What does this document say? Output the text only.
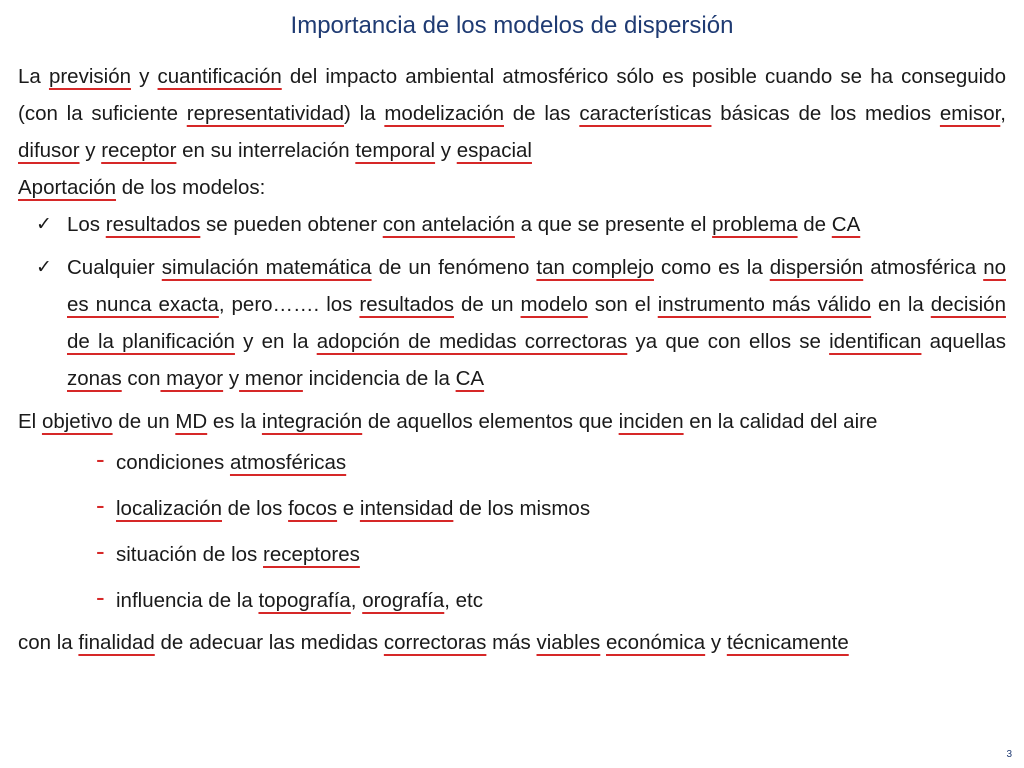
Importancia de los modelos de dispersión

La previsión y cuantificación del impacto ambiental atmosférico sólo es posible cuando se ha conseguido (con la suficiente representatividad) la modelización de las características básicas de los medios emisor, difusor y receptor en su interrelación temporal y espacial

Aportación de los modelos:

✓ Los resultados se pueden obtener con antelación a que se presente el problema de CA
✓ Cualquier simulación matemática de un fenómeno tan complejo como es la dispersión atmosférica no es nunca exacta, pero……. los resultados de un modelo son el instrumento más válido en la decisión de la planificación y en la adopción de medidas correctoras ya que con ellos se identifican aquellas zonas con mayor y menor incidencia de la CA

El objetivo de un MD es la integración de aquellos elementos que inciden en la calidad del aire

- condiciones atmosféricas
- localización de los focos e intensidad de los mismos
- situación de los receptores
- influencia de la topografía, orografía, etc

con la finalidad de adecuar las medidas correctoras más viables económica y técnicamente

3
